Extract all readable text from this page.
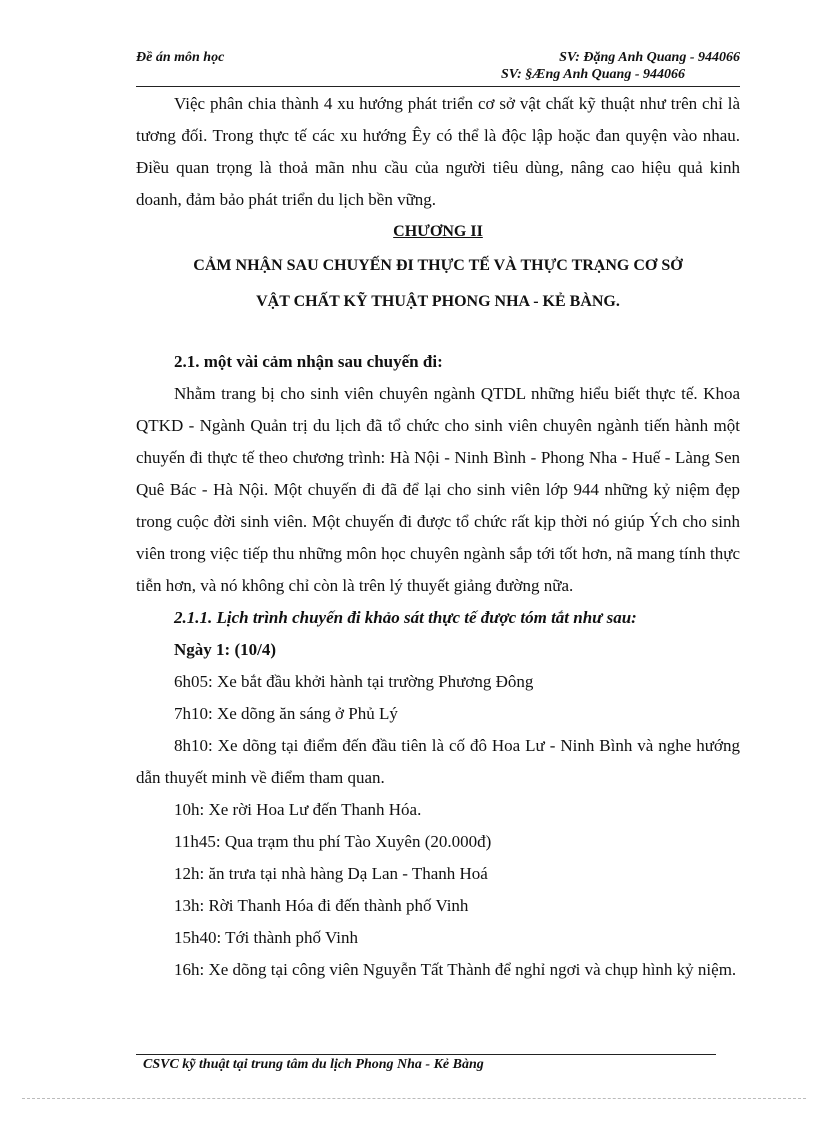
Đề án môn học	SV: Đặng Anh Quang - 944066
SV: §Æng Anh Quang - 944066

Việc phân chia thành 4 xu hướng phát triển cơ sở vật chất kỹ thuật như trên chỉ là tương đối. Trong thực tế các xu hướng Êy có thể là độc lập hoặc đan quyện vào nhau. Điều quan trọng là thoả mãn nhu cầu của người tiêu dùng, nâng cao hiệu quả kinh doanh, đảm bảo phát triển du lịch bền vững.

CHƯƠNG II

CẢM NHẬN SAU CHUYẾN ĐI THỰC TẾ VÀ THỰC TRẠNG CƠ SỞ

VẬT CHẤT KỸ THUẬT PHONG NHA - KẺ BÀNG.

2.1. một vài cảm nhận sau chuyến đi:

Nhằm trang bị cho sinh viên chuyên ngành QTDL những hiểu biết thực tế. Khoa QTKD - Ngành Quản trị du lịch đã tổ chức cho sinh viên chuyên ngành tiến hành một chuyến đi thực tế theo chương trình: Hà Nội - Ninh Bình - Phong Nha - Huế - Làng Sen Quê Bác - Hà Nội. Một chuyến đi đã để lại cho sinh viên lớp 944 những kỷ niệm đẹp trong cuộc đời sinh viên. Một chuyến đi được tổ chức rất kịp thời nó giúp Ých cho sinh viên trong việc tiếp thu những môn học chuyên ngành sắp tới tốt hơn, nã mang tính thực tiễn hơn, và nó không chỉ còn là trên lý thuyết giảng đường nữa.

2.1.1. Lịch trình chuyến đi khảo sát thực tế được tóm tắt như sau:

Ngày 1: (10/4)

6h05: Xe bắt đầu khởi hành tại trường Phương Đông

7h10: Xe dõng ăn sáng ở Phủ Lý

8h10: Xe dõng tại điểm đến đầu tiên là cố đô Hoa Lư - Ninh Bình và nghe hướng dẫn thuyết minh về điểm tham quan.

10h: Xe rời Hoa Lư đến Thanh Hóa.

11h45: Qua trạm thu phí Tào Xuyên (20.000đ)

12h: ăn trưa tại nhà hàng Dạ Lan - Thanh Hoá

13h: Rời Thanh Hóa đi đến thành phố Vinh

15h40: Tới thành phố Vinh

16h: Xe dõng tại công viên Nguyễn Tất Thành để nghỉ ngơi và chụp hình kỷ niệm.

CSVC kỹ thuật tại trung tâm du lịch Phong Nha - Kẻ Bàng
